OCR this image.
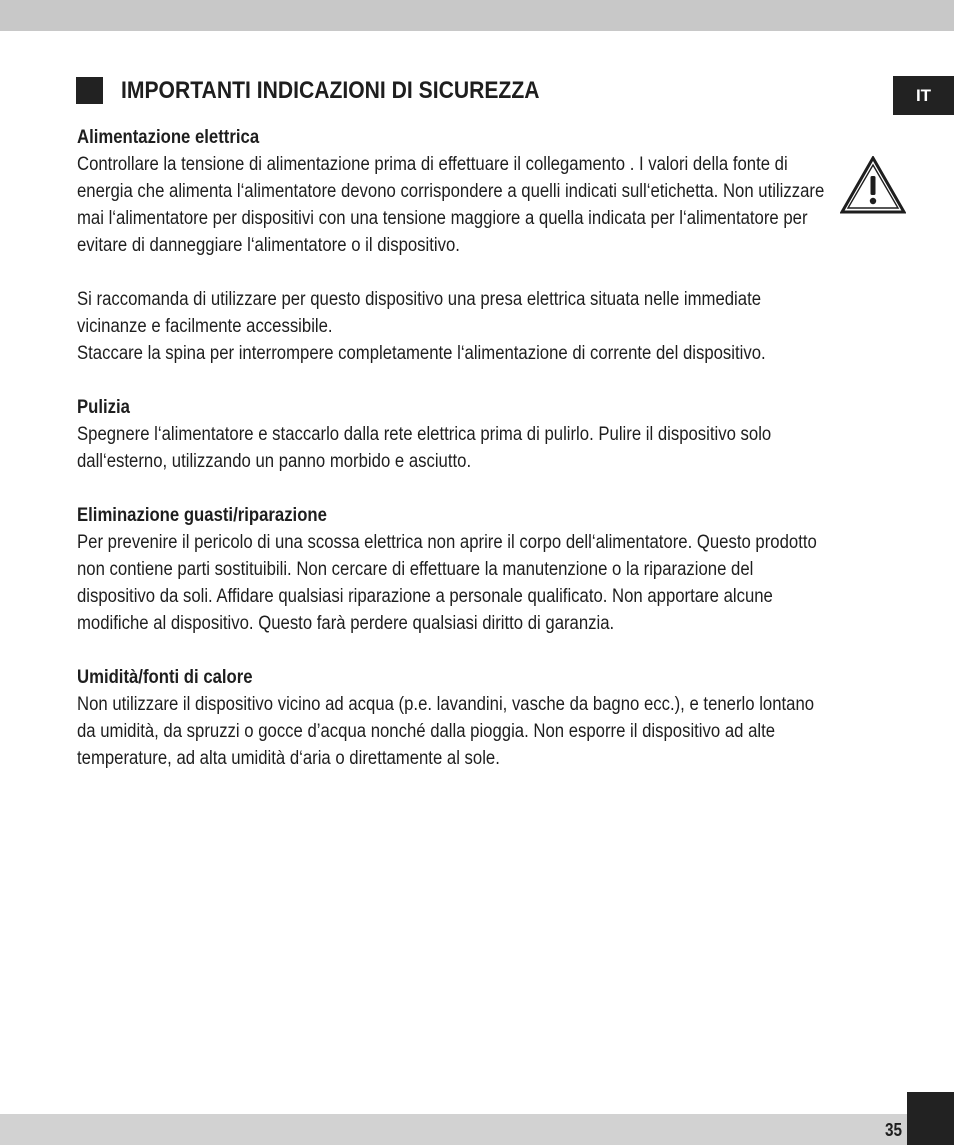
IMPORTANTI INDICAZIONI DI SICUREZZA	IT
Alimentazione elettrica

Controllare la tensione di alimentazione prima di effettuare il collegamento . I valori della fonte di energia che alimenta l‘alimentatore devono corrispondere a quelli indicati sull‘etichetta. Non utilizzare mai l‘alimentatore per dispositivi con una tensione maggiore a quella indicata per l‘alimentatore per evitare di danneggiare l‘alimentatore o il dispositivo.

Si raccomanda di utilizzare per questo dispositivo una presa elettrica situata nelle immediate vicinanze e facilmente accessibile.

Staccare la spina per interrompere completamente l‘alimentazione di corrente del dispositivo.

Pulizia

Spegnere l‘alimentatore e staccarlo dalla rete elettrica prima di pulirlo. Pulire il dispositivo solo dall‘esterno, utilizzando un panno morbido e asciutto.

Eliminazione guasti/riparazione

Per prevenire il pericolo di una scossa elettrica non aprire il corpo dell‘alimentatore. Questo prodotto non contiene parti sostituibili. Non cercare di effettuare la manutenzione o la riparazione del dispositivo da soli. Affidare qualsiasi riparazione a personale qualificato. Non apportare alcune modifiche al dispositivo. Questo farà perdere qualsiasi diritto di garanzia.

Umidità/fonti di calore

Non utilizzare il dispositivo vicino ad acqua (p.e. lavandini, vasche da bagno ecc.), e tenerlo lontano da umidità, da spruzzi o gocce d’acqua nonché dalla pioggia. Non esporre il dispositivo ad alte temperature, ad alta umidità d‘aria o direttamente al sole.

35
